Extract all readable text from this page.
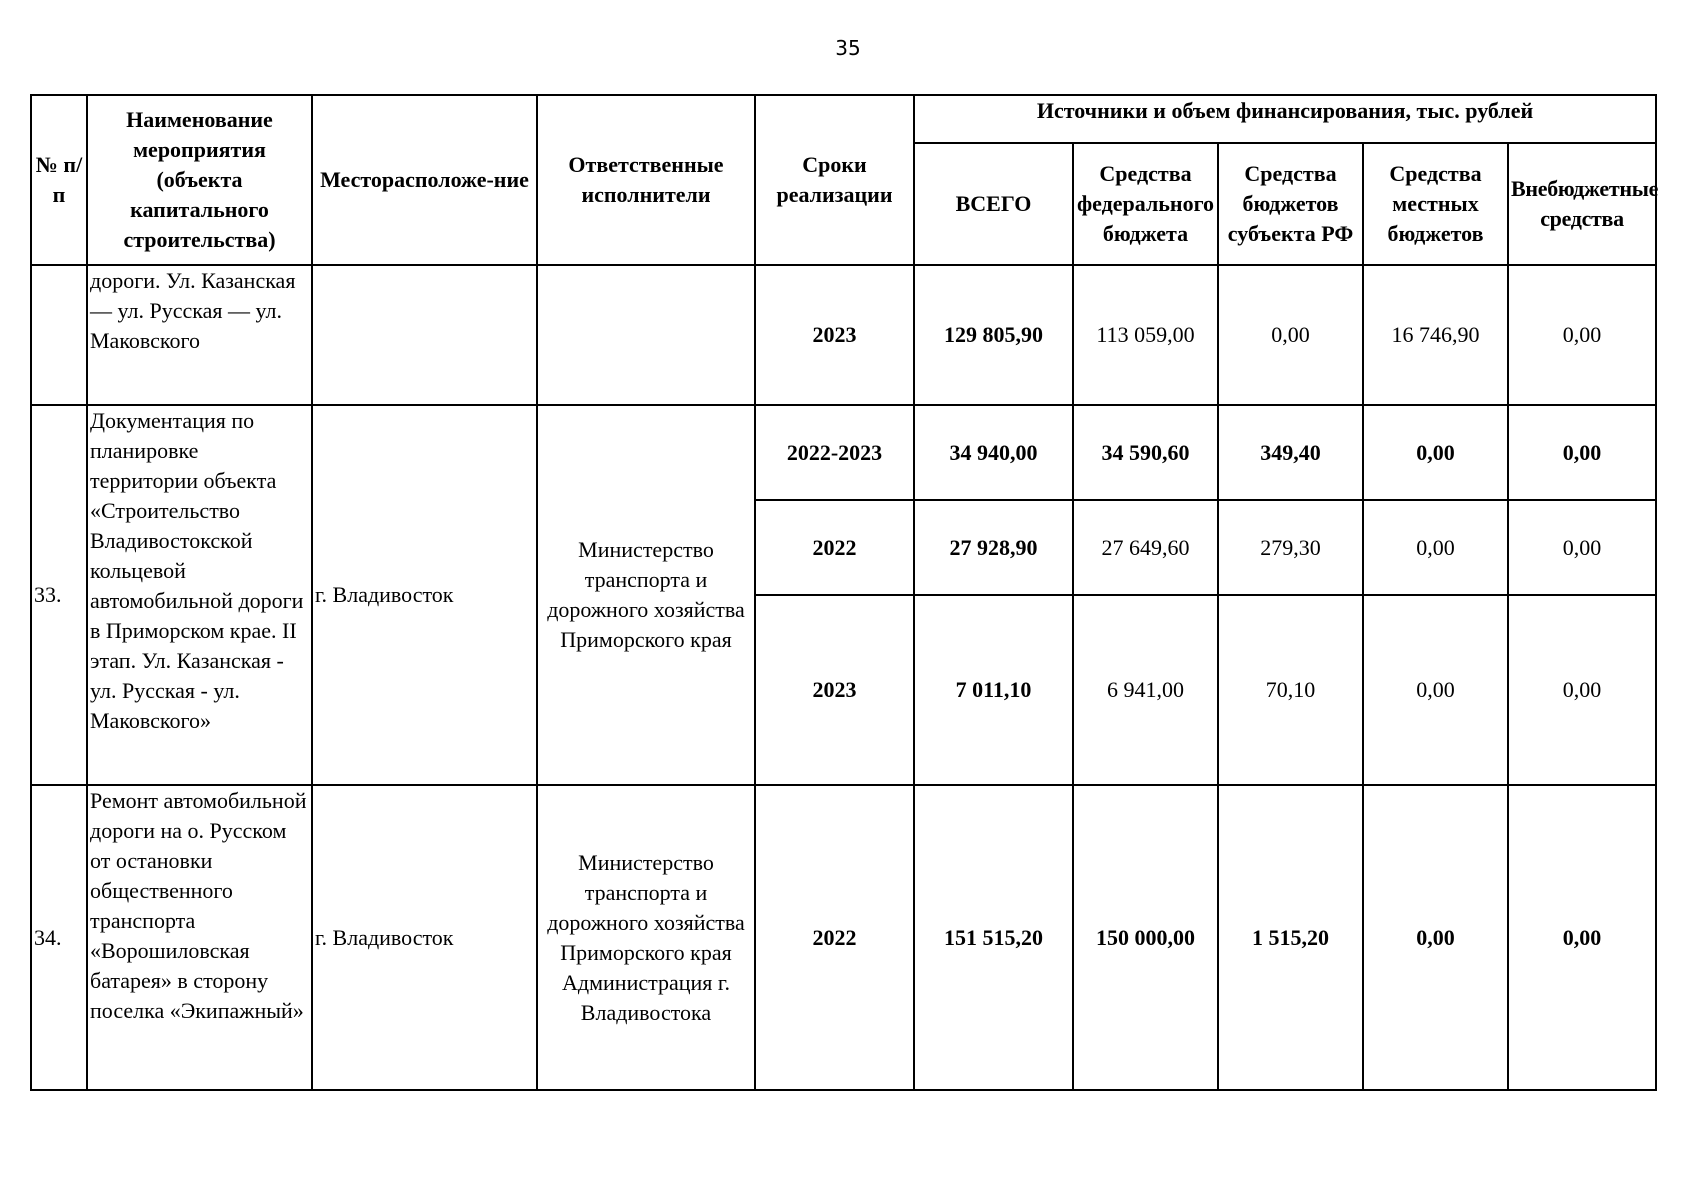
35
№ п/п	Наименование мероприятия (объекта капитального строительства)	Месторасположе-ние	Ответственные исполнители	Сроки реализации	Источники и объем финансирования, тыс. рублей				
					ВСЕГО	Средства федерального бюджета	Средства бюджетов субъекта РФ	Средства местных бюджетов	Внебюджетные средства
	дороги. Ул. Казанская — ул. Русская — ул. Маковского			2023	129 805,90	113 059,00	0,00	16 746,90	0,00
33.	Документация по планировке территории объекта «Строительство Владивостокской кольцевой автомобильной дороги в Приморском крае. II этап. Ул. Казанская - ул. Русская - ул. Маковского»	г. Владивосток	Министерство транспорта и дорожного хозяйства Приморского края	2022-2023	34 940,00	34 590,60	349,40	0,00	0,00
				2022	27 928,90	27 649,60	279,30	0,00	0,00
				2023	7 011,10	6 941,00	70,10	0,00	0,00
34.	Ремонт автомобильной дороги на о. Русском от остановки общественного транспорта «Ворошиловская батарея» в сторону поселка «Экипажный»	г. Владивосток	Министерство транспорта и дорожного хозяйства Приморского края Администрация г. Владивостока	2022	151 515,20	150 000,00	1 515,20	0,00	0,00
